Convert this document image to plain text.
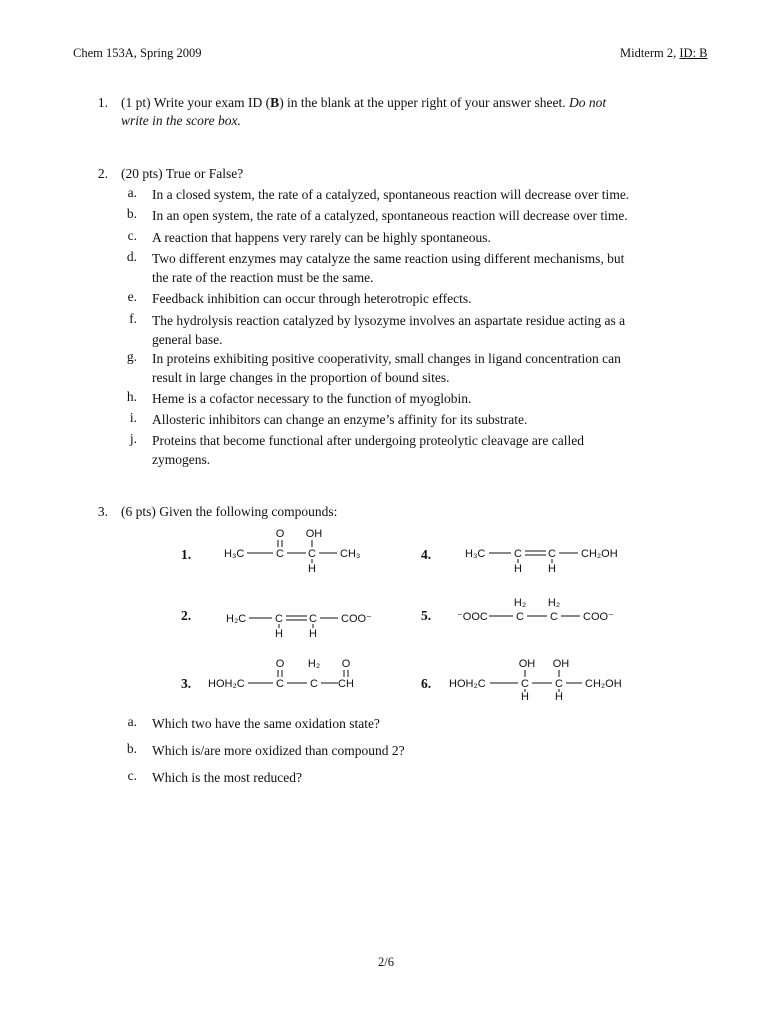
Chem 153A, Spring 2009	Midterm 2, ID: B
1. (1 pt) Write your exam ID (B) in the blank at the upper right of your answer sheet. Do not
write in the score box.
2. (20 pts) True or False?
a. In a closed system, the rate of a catalyzed, spontaneous reaction will decrease over time.
b. In an open system, the rate of a catalyzed, spontaneous reaction will decrease over time.
c. A reaction that happens very rarely can be highly spontaneous.
d. Two different enzymes may catalyze the same reaction using different mechanisms, but
the rate of the reaction must be the same.
e. Feedback inhibition can occur through heterotropic effects.
f. The hydrolysis reaction catalyzed by lysozyme involves an aspartate residue acting as a
general base.
g. In proteins exhibiting positive cooperativity, small changes in ligand concentration can
result in large changes in the proportion of bound sites.
h. Heme is a cofactor necessary to the function of myoglobin.
i. Allosteric inhibitors can change an enzyme’s affinity for its substrate.
j. Proteins that become functional after undergoing proteolytic cleavage are called
zymogens.
3. (6 pts) Given the following compounds:
1.
2.
3.
4.
5.
6.
O OH
H₃C	C C CH₃
H
H₂C	C C COO⁻
H H
O H₂ O
HOH₂C	C C CH
H₃C	C C CH₂OH
H H
H₂ H₂
⁻OOC	C C COO⁻
OH OH
HOH₂C	C C CH₂OH
H H
a. Which two have the same oxidation state?
b. Which is/are more oxidized than compound 2?
c. Which is the most reduced?
2/6
